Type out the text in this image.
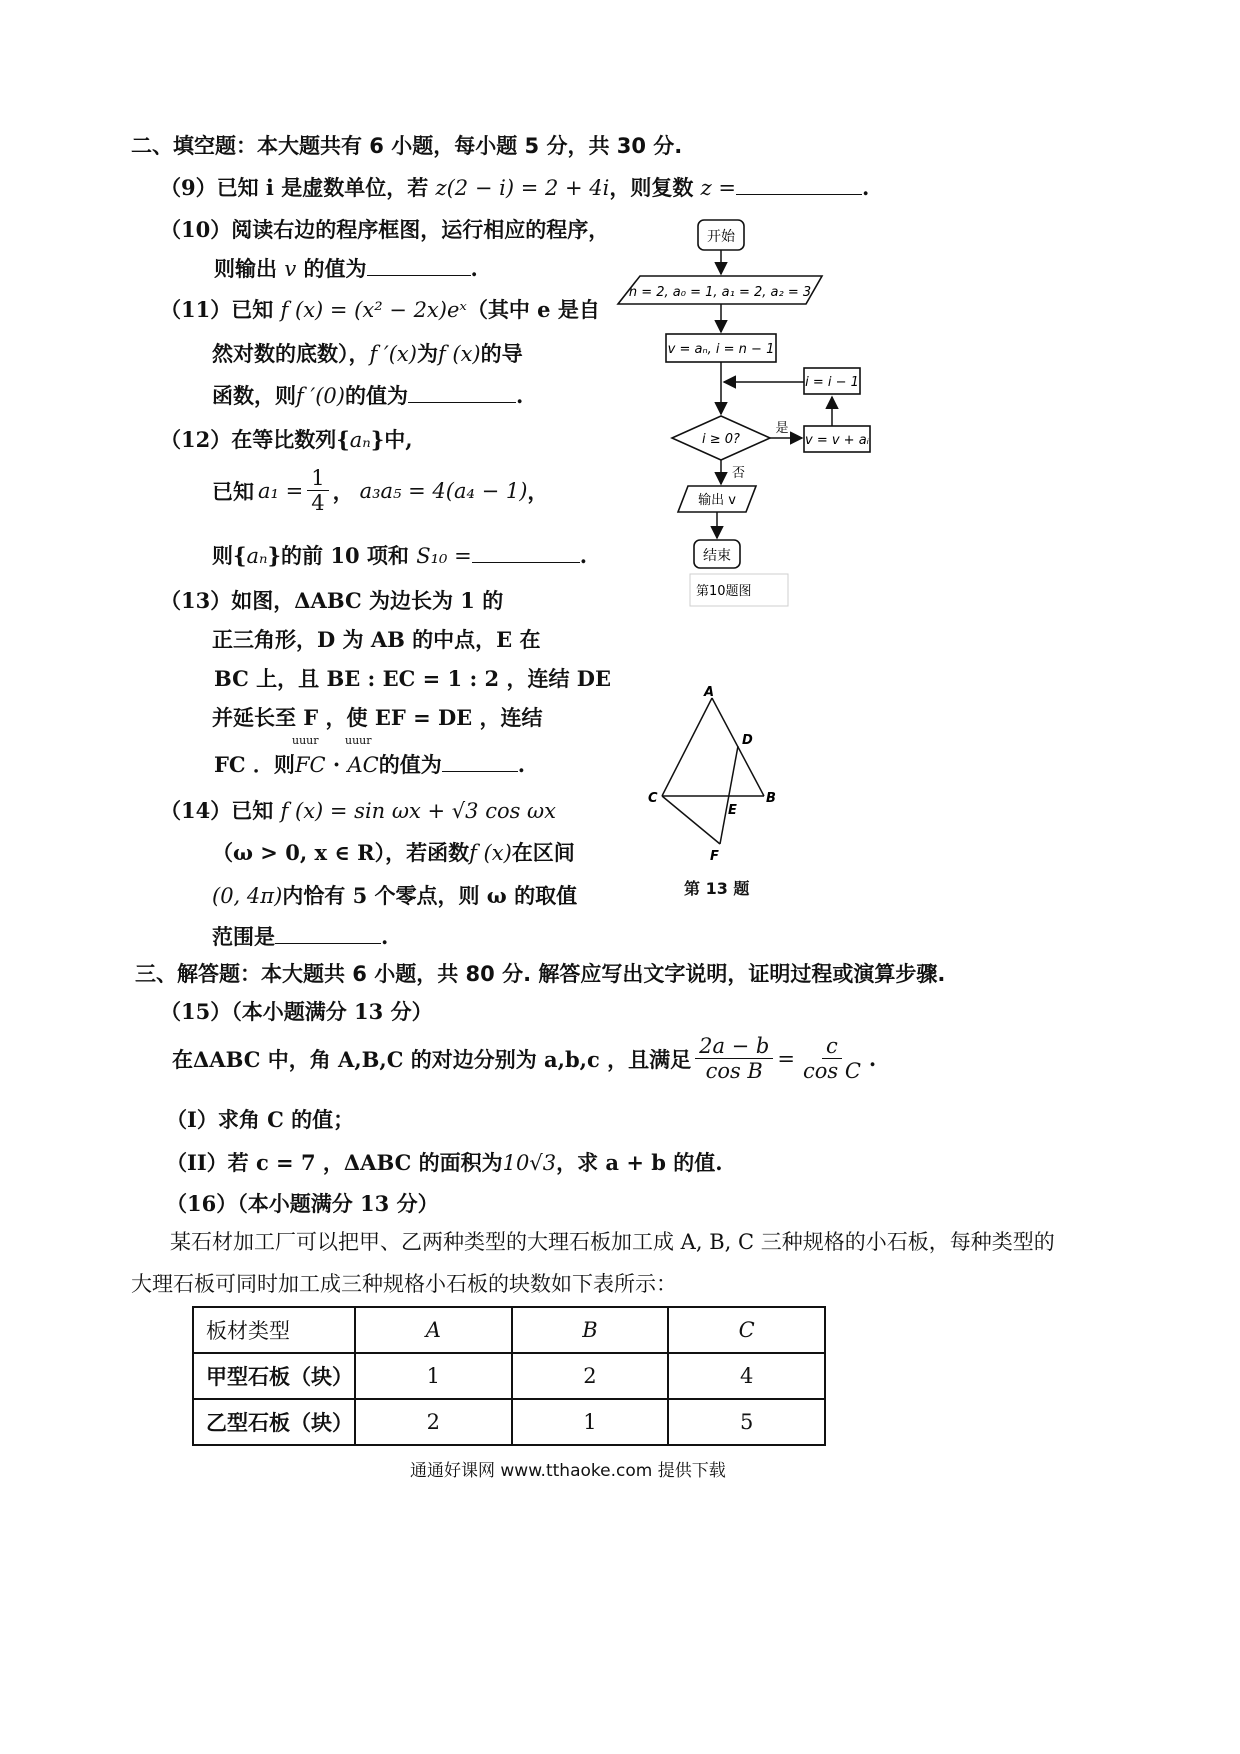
二、填空题：本大题共有 6 小题，每小题 5 分，共 30 分.
（9）已知 i 是虚数单位，若 z(2 − i) = 2 + 4i，则复数 z =	.
（10）阅读右边的程序框图，运行相应的程序，
则输出 v 的值为	.
（11）已知 f (x) = (x² − 2x)eˣ（其中 e 是自
然对数的底数），f ′(x)为f (x)的导
函数，则f ′(0)的值为	.
（12）在等比数列{aₙ}中,
已知 $a_1 = \frac{1}{4}$ ， a₃a₅ = 4(a₄ − 1) ，
则{aₙ}的前 10 项和 S₁₀ =	.
（13）如图，ΔABC 为边长为 1 的
正三角形，D 为 AB 的中点，E 在
BC 上，且 BE : EC = 1 : 2 ，连结 DE
并延长至 F ，使 EF = DE ，连结
uuur uuur
FC ．则FC · AC的值为	.
（14）已知 f (x) = sin ωx + √3 cos ωx
（ω > 0, x ∈ R），若函数f (x)在区间
(0, 4π)内恰有 5 个零点，则 ω 的取值
范围是	.
开始
n = 2, a₀ = 1, a₁ = 2, a₂ = 3
v = aₙ, i = n − 1
i = i − 1
i ≥ 0?
是
v = v + aᵢ
否
输出 v
结束
第10题图
A
D
C	B
E
F
第 13 题
三、解答题：本大题共 6 小题，共 80 分. 解答应写出文字说明，证明过程或演算步骤.
（15）（本小题满分 13 分）
在ΔABC 中，角 A,B,C 的对边分别为 a,b,c ，且满足 $\frac{2a - b}{\text{cos B}} = \frac{c}{\text{cos C}}$ .
（I）求角 C 的值；
（II）若 c = 7 ，ΔABC 的面积为10√3，求 a + b 的值.
（16）（本小题满分 13 分）
某石材加工厂可以把甲、乙两种类型的大理石板加工成 A, B, C 三种规格的小石板，每种类型的
大理石板可同时加工成三种规格小石板的块数如下表所示：
板材类型	A	B	C
甲型石板（块）	1	2	4
乙型石板（块）	2	1	5
通通好课网 www.tthaoke.com 提供下载
